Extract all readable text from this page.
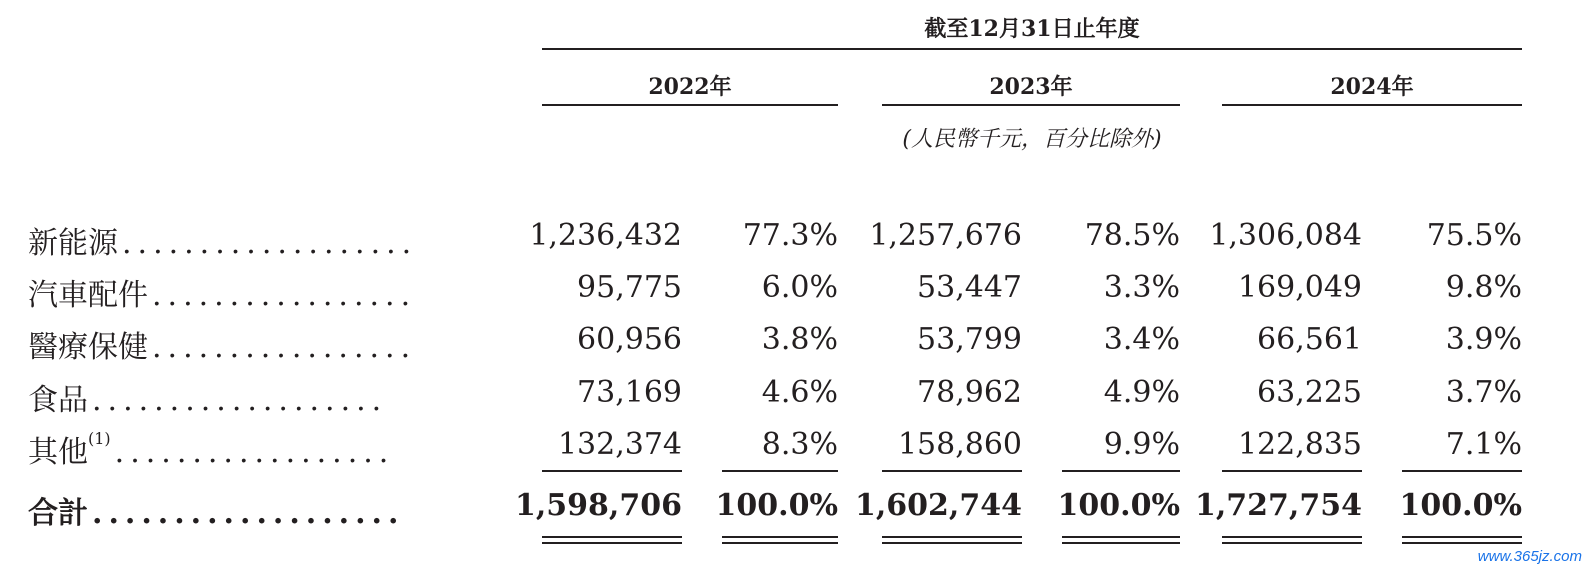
截至12月31日止年度
2022年	2023年	2024年
(人民幣千元，百分比除外)
新能源 ...................	1,236,432	77.3%	1,257,676	78.5% 1,306,084	75.5%
汽車配件 .................	95,775	6.0%	53,447	3.3%	169,049	9.8%
醫療保健 .................	60,956	3.8%	53,799	3.4%	66,561	3.9%
食品 ...................	73,169	4.6%	78,962	4.9%	63,225	3.7%
其他$^{(1)}$ ..................	132,374	8.3%	158,860	9.9%	122,835	7.1%
合計 ...................	1,598,706	100.0% 1,602,744	100.0% 1,727,754	100.0%
www.365jz.com
